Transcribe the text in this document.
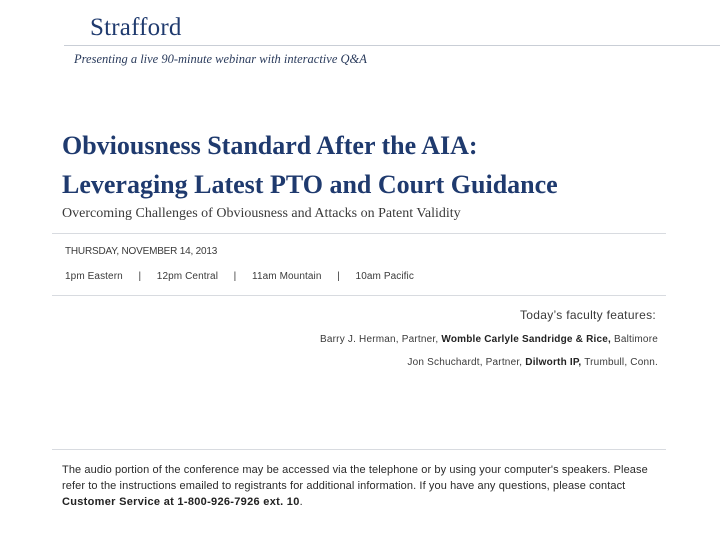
Strafford
Presenting a live 90-minute webinar with interactive Q&A
Obviousness Standard After the AIA:
Leveraging Latest PTO and Court Guidance
Overcoming Challenges of Obviousness and Attacks on Patent Validity
THURSDAY, NOVEMBER 14, 2013
1pm Eastern | 12pm Central | 11am Mountain | 10am Pacific
Today’s faculty features:
Barry J. Herman, Partner, Womble Carlyle Sandridge & Rice, Baltimore
Jon Schuchardt, Partner, Dilworth IP, Trumbull, Conn.
The audio portion of the conference may be accessed via the telephone or by using your computer's speakers. Please refer to the instructions emailed to registrants for additional information. If you have any questions, please contact Customer Service at 1-800-926-7926 ext. 10.
